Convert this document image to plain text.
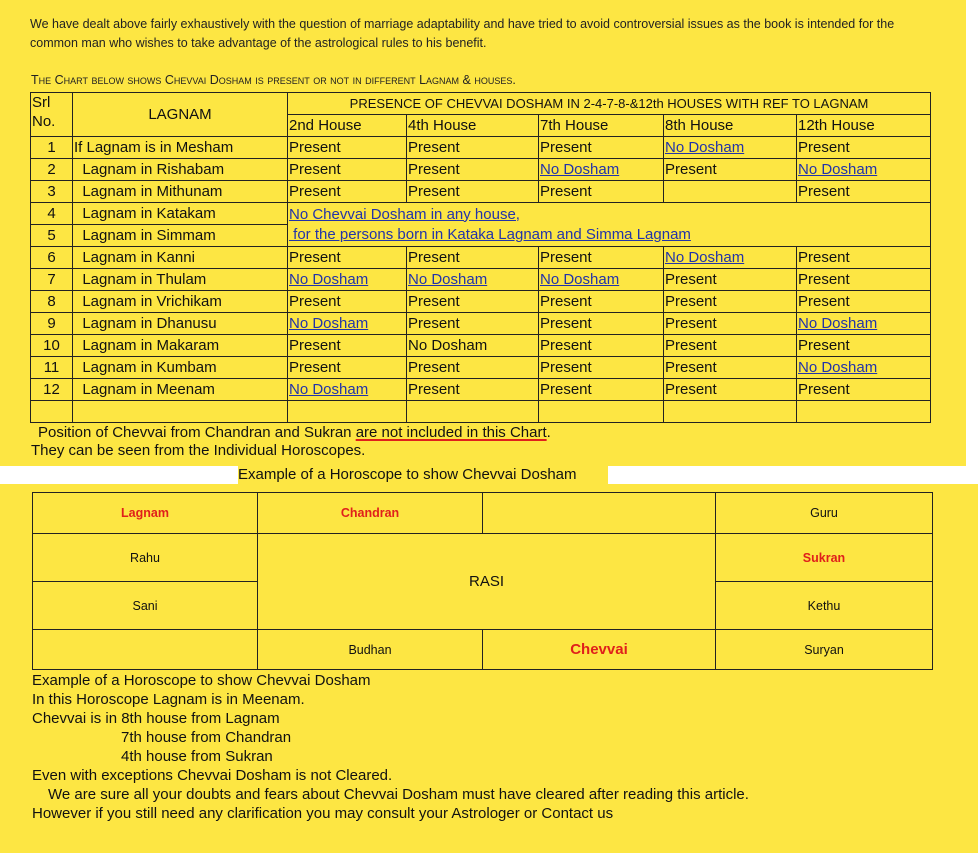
We have dealt above fairly exhaustively with the question of marriage adaptability and have tried to avoid controversial issues as the book is intended for the common man who wishes to take advantage of the astrological rules to his benefit.
The Chart below shows Chevvai Dosham is present or not in different Lagnam & houses.
Srl No.	LAGNAM	PRESENCE OF CHEVVAI DOSHAM IN 2-4-7-8-&12th HOUSES WITH REF TO LAGNAM				
		2nd House	4th House	7th House	8th House	12th House
1	If Lagnam is in Mesham	Present	Present	Present	No Dosham	Present
2	Lagnam in Rishabam	Present	Present	No Dosham	Present	No Dosham
3	Lagnam in Mithunam	Present	Present	Present		Present
4	Lagnam in Katakam	No Chevvai Dosham in any house,
for the persons born in Kataka Lagnam and Simma Lagnam				

5	Lagnam in Simmam					
6	Lagnam in Kanni	Present	Present	Present	No Dosham	Present
7	Lagnam in Thulam	No Dosham	No Dosham	No Dosham	Present	Present
8	Lagnam in Vrichikam	Present	Present	Present	Present	Present
9	Lagnam in Dhanusu	No Dosham	Present	Present	Present	No Dosham
10	Lagnam in Makaram	Present	No Dosham	Present	Present	Present
11	Lagnam in Kumbam	Present	Present	Present	Present	No Dosham
12	Lagnam in Meenam	No Dosham	Present	Present	Present	Present

Position of Chevvai from Chandran and Sukran are not included in this Chart.
They can be seen from the Individual Horoscopes.
Example of a Horoscope to show Chevvai Dosham
Lagnam	Chandran		Guru
Rahu	RASI		Sukran
Sani			Kethu
	Budhan	Chevvai	Suryan
Example of a Horoscope to show Chevvai Dosham
In this Horoscope Lagnam is in Meenam.
Chevvai is in 8th house from Lagnam
7th house from Chandran
4th house from Sukran
Even with exceptions Chevvai Dosham is not Cleared.
We are sure all your doubts and fears about Chevvai Dosham must have cleared after reading this article.
However if you still need any clarification you may consult your Astrologer or Contact us
